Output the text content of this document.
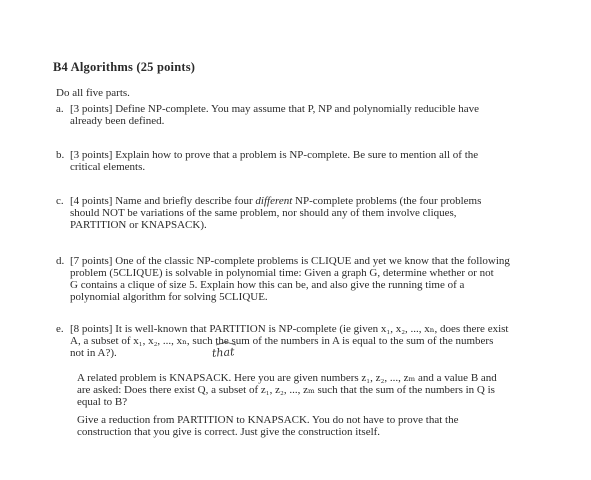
B4 Algorithms (25 points)
Do all five parts.
a. [3 points] Define NP-complete. You may assume that P, NP and polynomially reducible have
already been defined.
b. [3 points] Explain how to prove that a problem is NP-complete. Be sure to mention all of the
critical elements.
c. [4 points] Name and briefly describe four different NP-complete problems (the four problems
should NOT be variations of the same problem, nor should any of them involve cliques,
PARTITION or KNAPSACK).
d. [7 points] One of the classic NP-complete problems is CLIQUE and yet we know that the following
problem (5CLIQUE) is solvable in polynomial time: Given a graph G, determine whether or not
G contains a clique of size 5. Explain how this can be, and also give the running time of a
polynomial algorithm for solving 5CLIQUE.
e. [8 points] It is well-known that PARTITION is NP-complete (ie given x₁, x₂, ..., xₙ, does there exist
A, a subset of x₁, x₂, ..., xₙ, such the sum of the numbers in A is equal to the sum of the numbers
not in A?).	that
A related problem is KNAPSACK. Here you are given numbers z₁, z₂, ..., zₘ and a value B and
are asked: Does there exist Q, a subset of z₁, z₂, ..., zₘ such that the sum of the numbers in Q is
equal to B?
Give a reduction from PARTITION to KNAPSACK. You do not have to prove that the
construction that you give is correct. Just give the construction itself.
